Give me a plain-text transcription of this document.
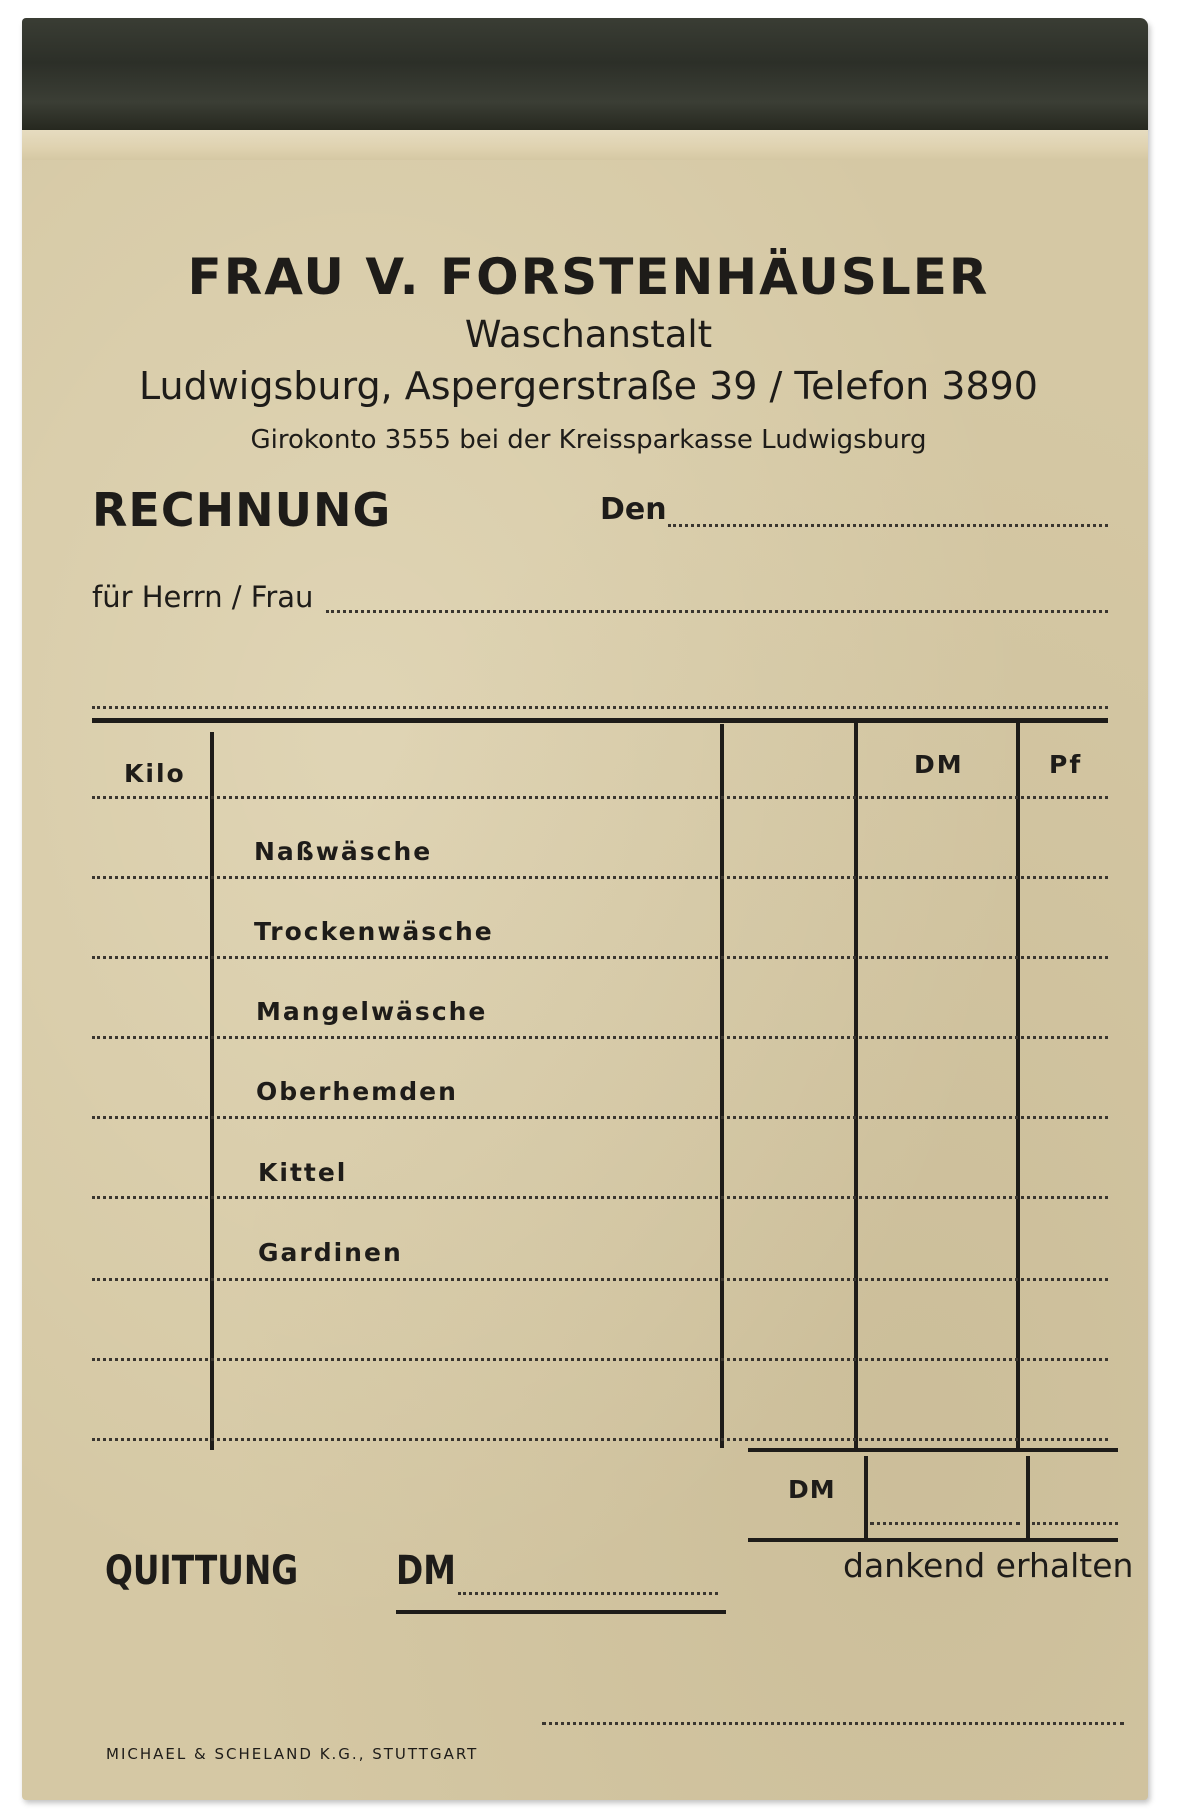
FRAU V. FORSTENHÄUSLER
Waschanstalt
Ludwigsburg, Aspergerstraße 39 / Telefon 3890
Girokonto 3555 bei der Kreissparkasse Ludwigsburg
RECHNUNG	Den
für Herrn / Frau
Kilo	DM	Pf
Naßwäsche
Trockenwäsche
Mangelwäsche
Oberhemden
Kittel
Gardinen
DM
QUITTUNG DM	dankend erhalten
MICHAEL & SCHELAND K.G., STUTTGART
